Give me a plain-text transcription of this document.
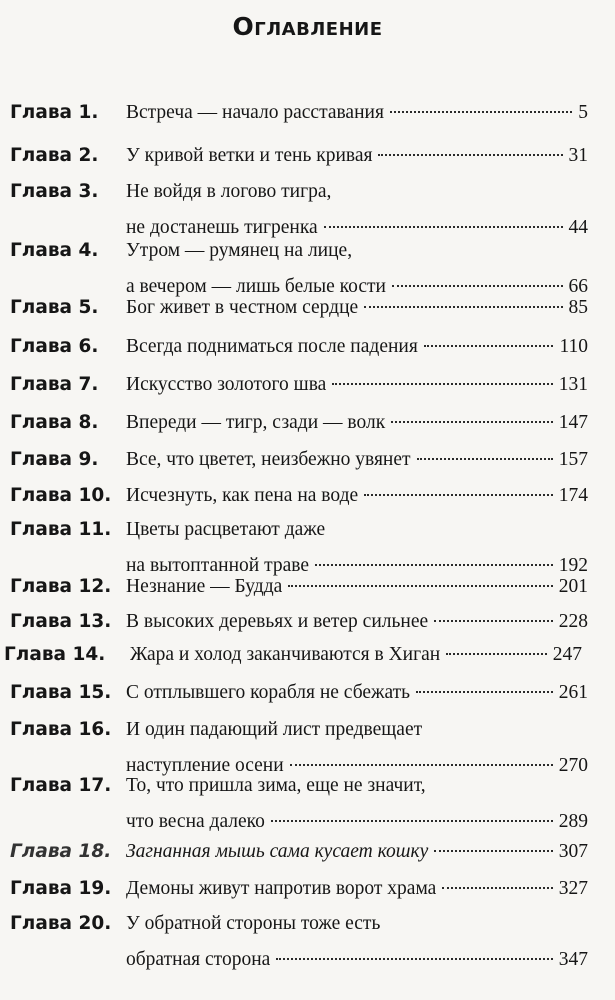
Оглавление
Глава 1.	Встреча — начало расставания	5
Глава 2.	У кривой ветки и тень кривая	31
Глава 3.	Не войдя в логово тигра,
не достанешь тигренка	44
Глава 4.	Утром — румянец на лице,
а вечером — лишь белые кости	66
Глава 5.	Бог живет в честном сердце	85
Глава 6.	Всегда подниматься после падения	110
Глава 7.	Искусство золотого шва	131
Глава 8.	Впереди — тигр, сзади — волк	147
Глава 9.	Все, что цветет, неизбежно увянет	157
Глава 10. Исчезнуть, как пена на воде	174
Глава 11. Цветы расцветают даже
на вытоптанной траве	192
Глава 12. Незнание — Будда	201
Глава 13. В высоких деревьях и ветер сильнее	228
Глава 14.	Жара и холод заканчиваются в Хиган	247
Глава 15. С отплывшего корабля не сбежать	261
Глава 16. И один падающий лист предвещает
наступление осени	270
Глава 17. То, что пришла зима, еще не значит,
что весна далеко	289
Глава 18. Загнанная мышь сама кусает кошку	307
Глава 19. Демоны живут напротив ворот храма	327
Глава 20. У обратной стороны тоже есть
обратная сторона	347
